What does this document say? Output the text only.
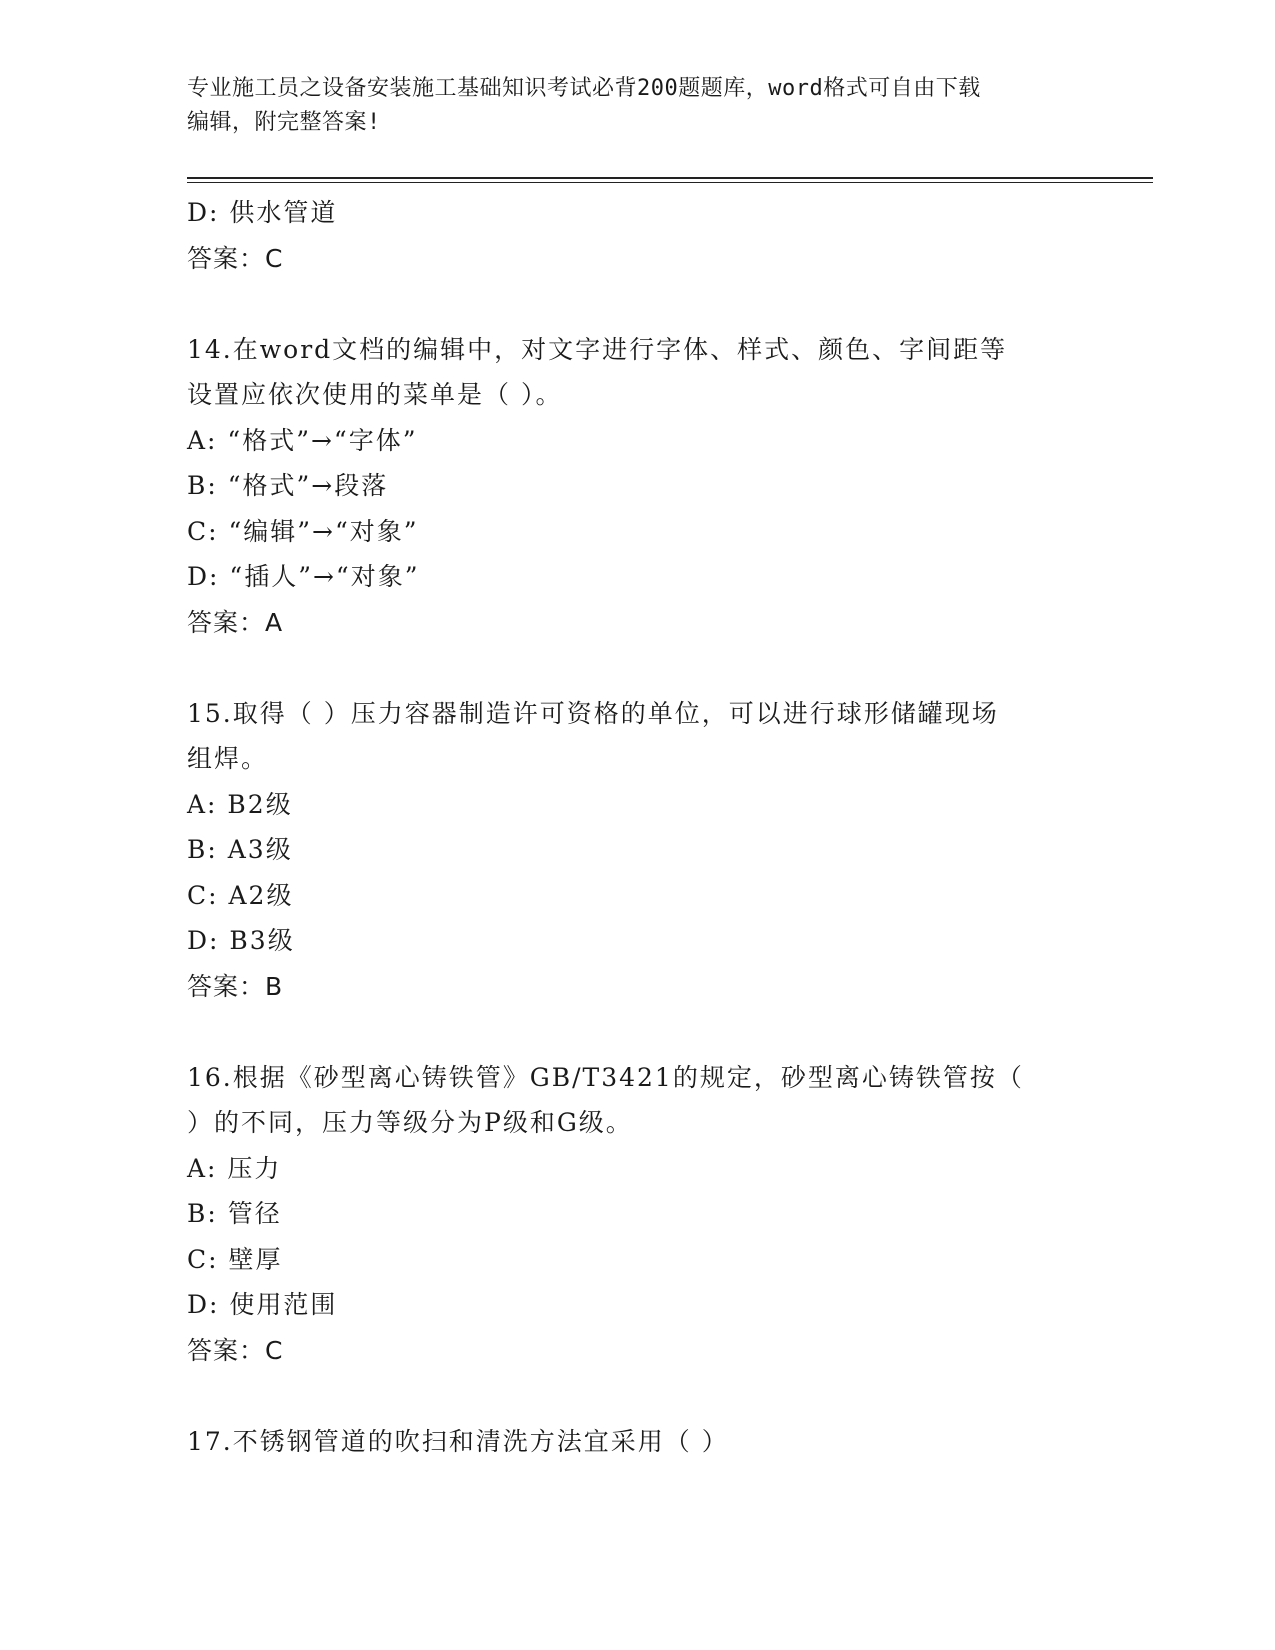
专业施工员之设备安装施工基础知识考试必背200题题库，word格式可自由下载
编辑，附完整答案!
D: 供水管道
答案：C
14.在word文档的编辑中，对文字进行字体、样式、颜色、字间距等
设置应依次使用的菜单是（ ）。
A: “格式”→“字体”
B: “格式”→段落
C: “编辑”→“对象”
D: “插人”→“对象”
答案：A
15.取得（ ）压力容器制造许可资格的单位，可以进行球形储罐现场
组焊。
A: B2级
B: A3级
C: A2级
D: B3级
答案：B
16.根据《砂型离心铸铁管》GB/T3421的规定，砂型离心铸铁管按（
）的不同，压力等级分为P级和G级。
A: 压力
B: 管径
C: 壁厚
D: 使用范围
答案：C
17.不锈钢管道的吹扫和清洗方法宜采用（ ）
